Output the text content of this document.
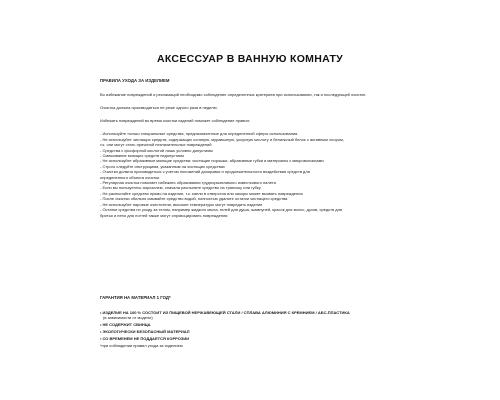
АКСЕССУАР В ВАННУЮ КОМНАТУ
ПРАВИЛА УХОДА ЗА ИЗДЕЛИЕМ
Во избежание повреждений и рекламаций необходимо соблюдение определенных критериев при использовании, так и последующей очистке.
Очистка должна производиться не реже одного раза в неделю.
Избежать повреждений во время очистки изделий поможет соблюдение правил:
- Используйте только специальные средства, предназначенные для определенной сферы использования.
- Не используйте чистящих средств, содержащих соляную, муравьиную, уксусную кислоту и белильный белок с активным хлором,
т.к. они могут стать причиной незначительных повреждений
- Средства с фосфорной кислотой лишь условно допустимы
- Смешивание моющих средств недопустимо
- Не используйте абразивные моющие средства: чистящие порошки, абразивные губки и материалы с микроволокнами
- Строго следуйте инструкциям, указанным на чистящих средствах
- Очистка должна производиться с учетом положений дозировки и продолжительности воздействия средств для
определенного объекта очистки
- Регулярная очистка помогает избежать образования труднорыхвлимого известкового налета
- Если вы пользуетесь аэрозолем, сначала распылите средство на тряпочку или губку
- Не распыляйте средство прямо на изделие, т.к. капли в отверстия или зазоры может вызвать повреждения
- После очистки обильно смывайте средство водой, полностью удалите остатки чистящего средства
- Не используйте паровые очистители, высокие температуры могут повредить изделие
- Остатки средства по уходу за телом, например жидкого мыла, гелей для душа, шампуней, красок для волос, духов, средств для
бритья и пено для ногтей также могут спровоцировать повреждения
ГАРАНТИЯ НА МАТЕРИАЛ 1 ГОД*
• ИЗДЕЛИЕ НА 100 % СОСТОИТ ИЗ ПИЩЕВОЙ НЕРЖАВЕЮЩЕЙ СТАЛИ / СПЛАВА АЛЮМИНИЯ С КРЕМНИЕМ / АБС-ПЛАСТИКА
(в зависимости от модели)
• НЕ СОДЕРЖИТ СВИНЦА
• ЭКОЛОГИЧЕСКИ БЕЗОПАСНЫЙ МАТЕРИАЛ
• СО ВРЕМЕНЕМ НЕ ПОДДАЕТСЯ КОРРОЗИИ
*при соблюдении правил ухода за изделием
